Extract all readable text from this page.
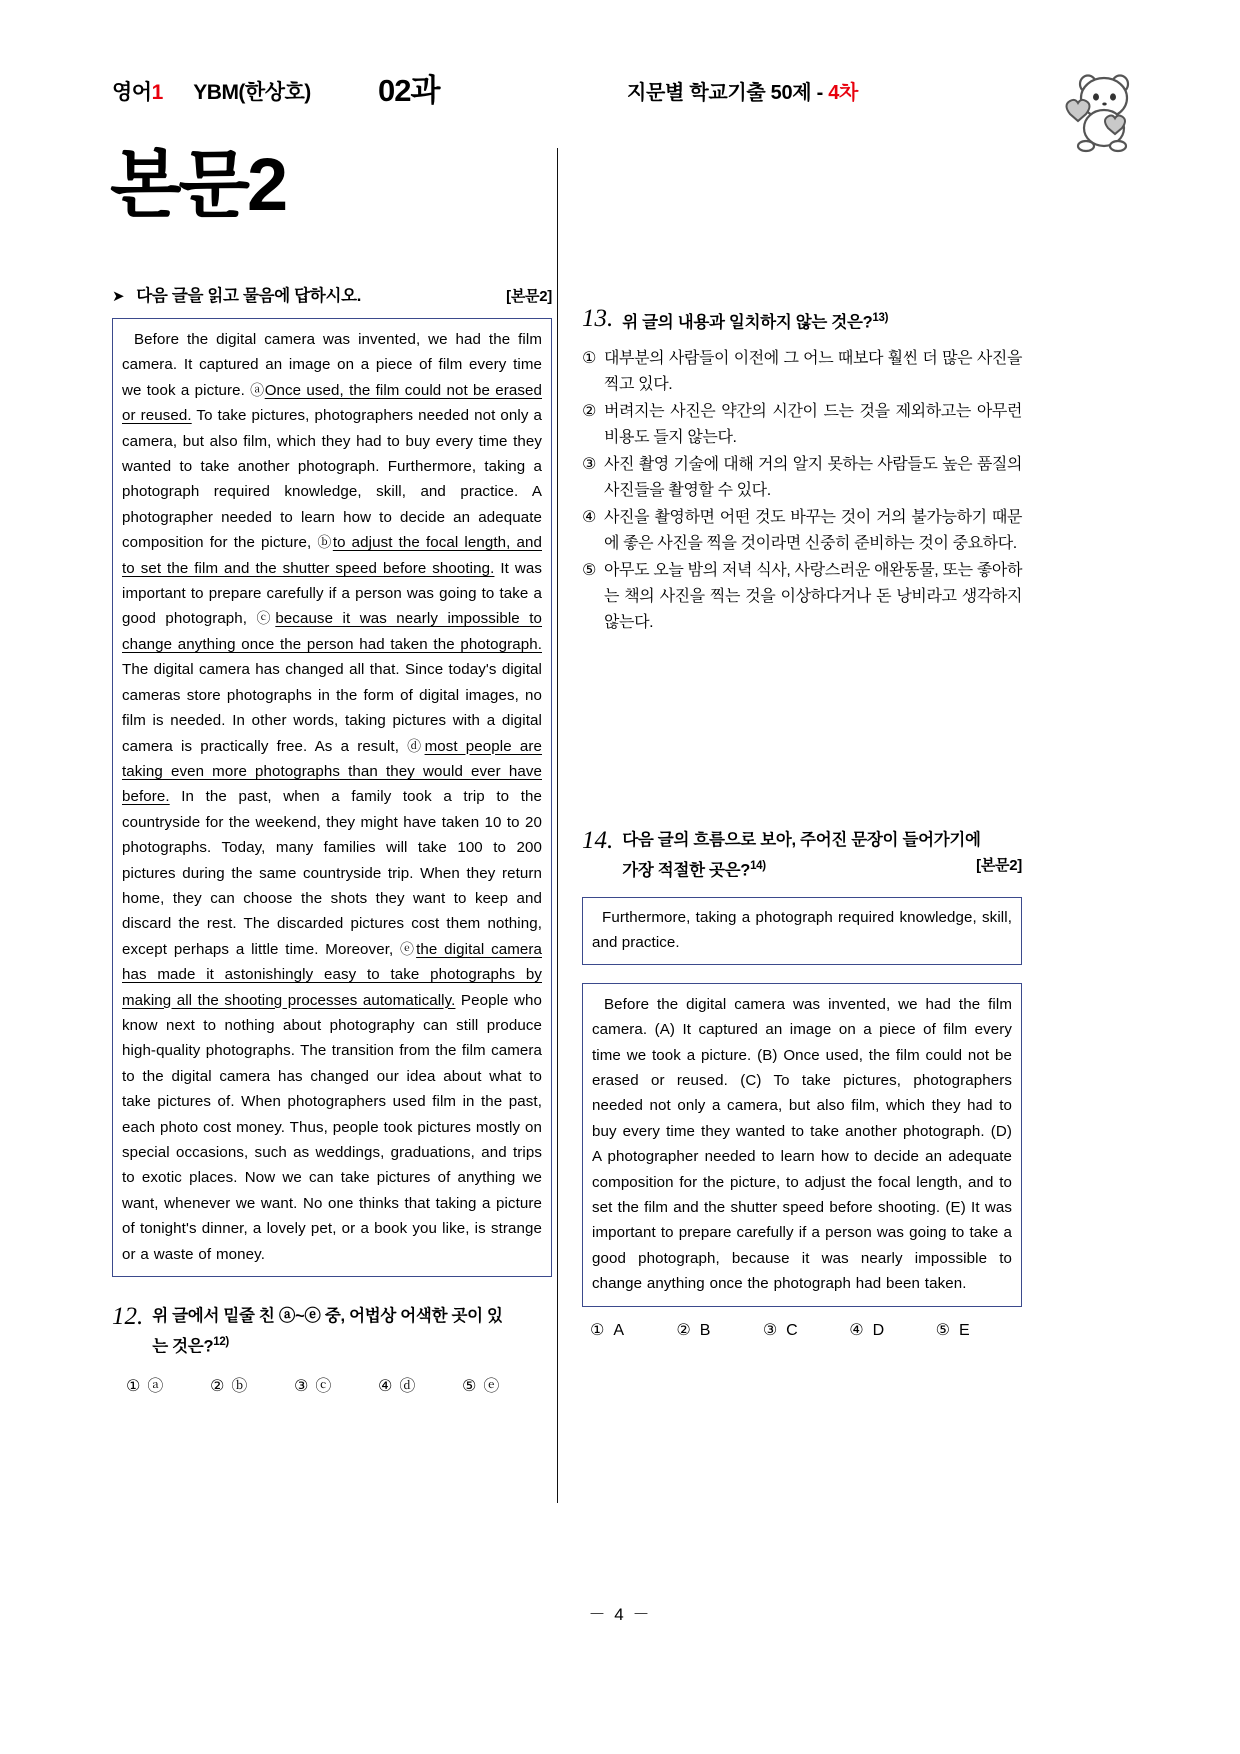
영어 1 YBM(한상호) 02과	지문별 학교기출 50제 - 4차
본문2
➤ 다음 글을 읽고 물음에 답하시오.	[본문2]

Before the digital camera was invented, we had the film camera. It captured an image on a piece of film every time we took a picture. ⓐOnce used, the film could not be erased or reused. To take pictures, photographers needed not only a camera, but also film, which they had to buy every time they wanted to take another photograph. Furthermore, taking a photograph required knowledge, skill, and practice. A photographer needed to learn how to decide an adequate composition for the picture, ⓑto adjust the focal length, and to set the film and the shutter speed before shooting. It was important to prepare carefully if a person was going to take a good photograph, ⓒbecause it was nearly impossible to change anything once the person had taken the photograph. The digital camera has changed all that. Since today's digital cameras store photographs in the form of digital images, no film is needed. In other words, taking pictures with a digital camera is practically free. As a result, ⓓmost people are taking even more photographs than they would ever have before. In the past, when a family took a trip to the countryside for the weekend, they might have taken 10 to 20 photographs. Today, many families will take 100 to 200 pictures during the same countryside trip. When they return home, they can choose the shots they want to keep and discard the rest. The discarded pictures cost them nothing, except perhaps a little time. Moreover, ⓔthe digital camera has made it astonishingly easy to take photographs by making all the shooting processes automatically. People who know next to nothing about photography can still produce high-quality photographs. The transition from the film camera to the digital camera has changed our idea about what to take pictures of. When photographers used film in the past, each photo cost money. Thus, people took pictures mostly on special occasions, such as weddings, graduations, and trips to exotic places. Now we can take pictures of anything we want, whenever we want. No one thinks that taking a picture of tonight's dinner, a lovely pet, or a book you like, is strange or a waste of money.

12. 위 글에서 밑줄 친 ⓐ~ⓔ 중, 어법상 어색한 곳이 있
는 것은?$^{12)}$
① ⓐ	② ⓑ	③ ⓒ	④ ⓓ	⑤ ⓔ
13. 위 글의 내용과 일치하지 않는 것은?$^{13)}$
① 대부분의 사람들이 이전에 그 어느 때보다 훨씬 더 많은 사진을 찍고 있다.
② 버려지는 사진은 약간의 시간이 드는 것을 제외하고는 아무런 비용도 들지 않는다.
③ 사진 촬영 기술에 대해 거의 알지 못하는 사람들도 높은 품질의 사진들을 촬영할 수 있다.
④ 사진을 촬영하면 어떤 것도 바꾸는 것이 거의 불가능하기 때문에 좋은 사진을 찍을 것이라면 신중히 준비하는 것이 중요하다.
⑤ 아무도 오늘 밤의 저녁 식사, 사랑스러운 애완동물, 또는 좋아하는 책의 사진을 찍는 것을 이상하다거나 돈 낭비라고 생각하지 않는다.
14. 다음 글의 흐름으로 보아, 주어진 문장이 들어가기에
[본문2]
가장 적절한 곳은?$^{14)}$

Furthermore, taking a photograph required knowledge, skill, and practice.

Before the digital camera was invented, we had the film camera. (A) It captured an image on a piece of film every time we took a picture. (B) Once used, the film could not be erased or reused. (C) To take pictures, photographers needed not only a camera, but also film, which they had to buy every time they wanted to take another photograph. (D) A photographer needed to learn how to decide an adequate composition for the picture, to adjust the focal length, and to set the film and the shutter speed before shooting. (E) It was important to prepare carefully if a person was going to take a good photograph, because it was nearly impossible to change anything once the photograph had been taken.

① A	② B	③ C	④ D	⑤ E
－ 4 －
